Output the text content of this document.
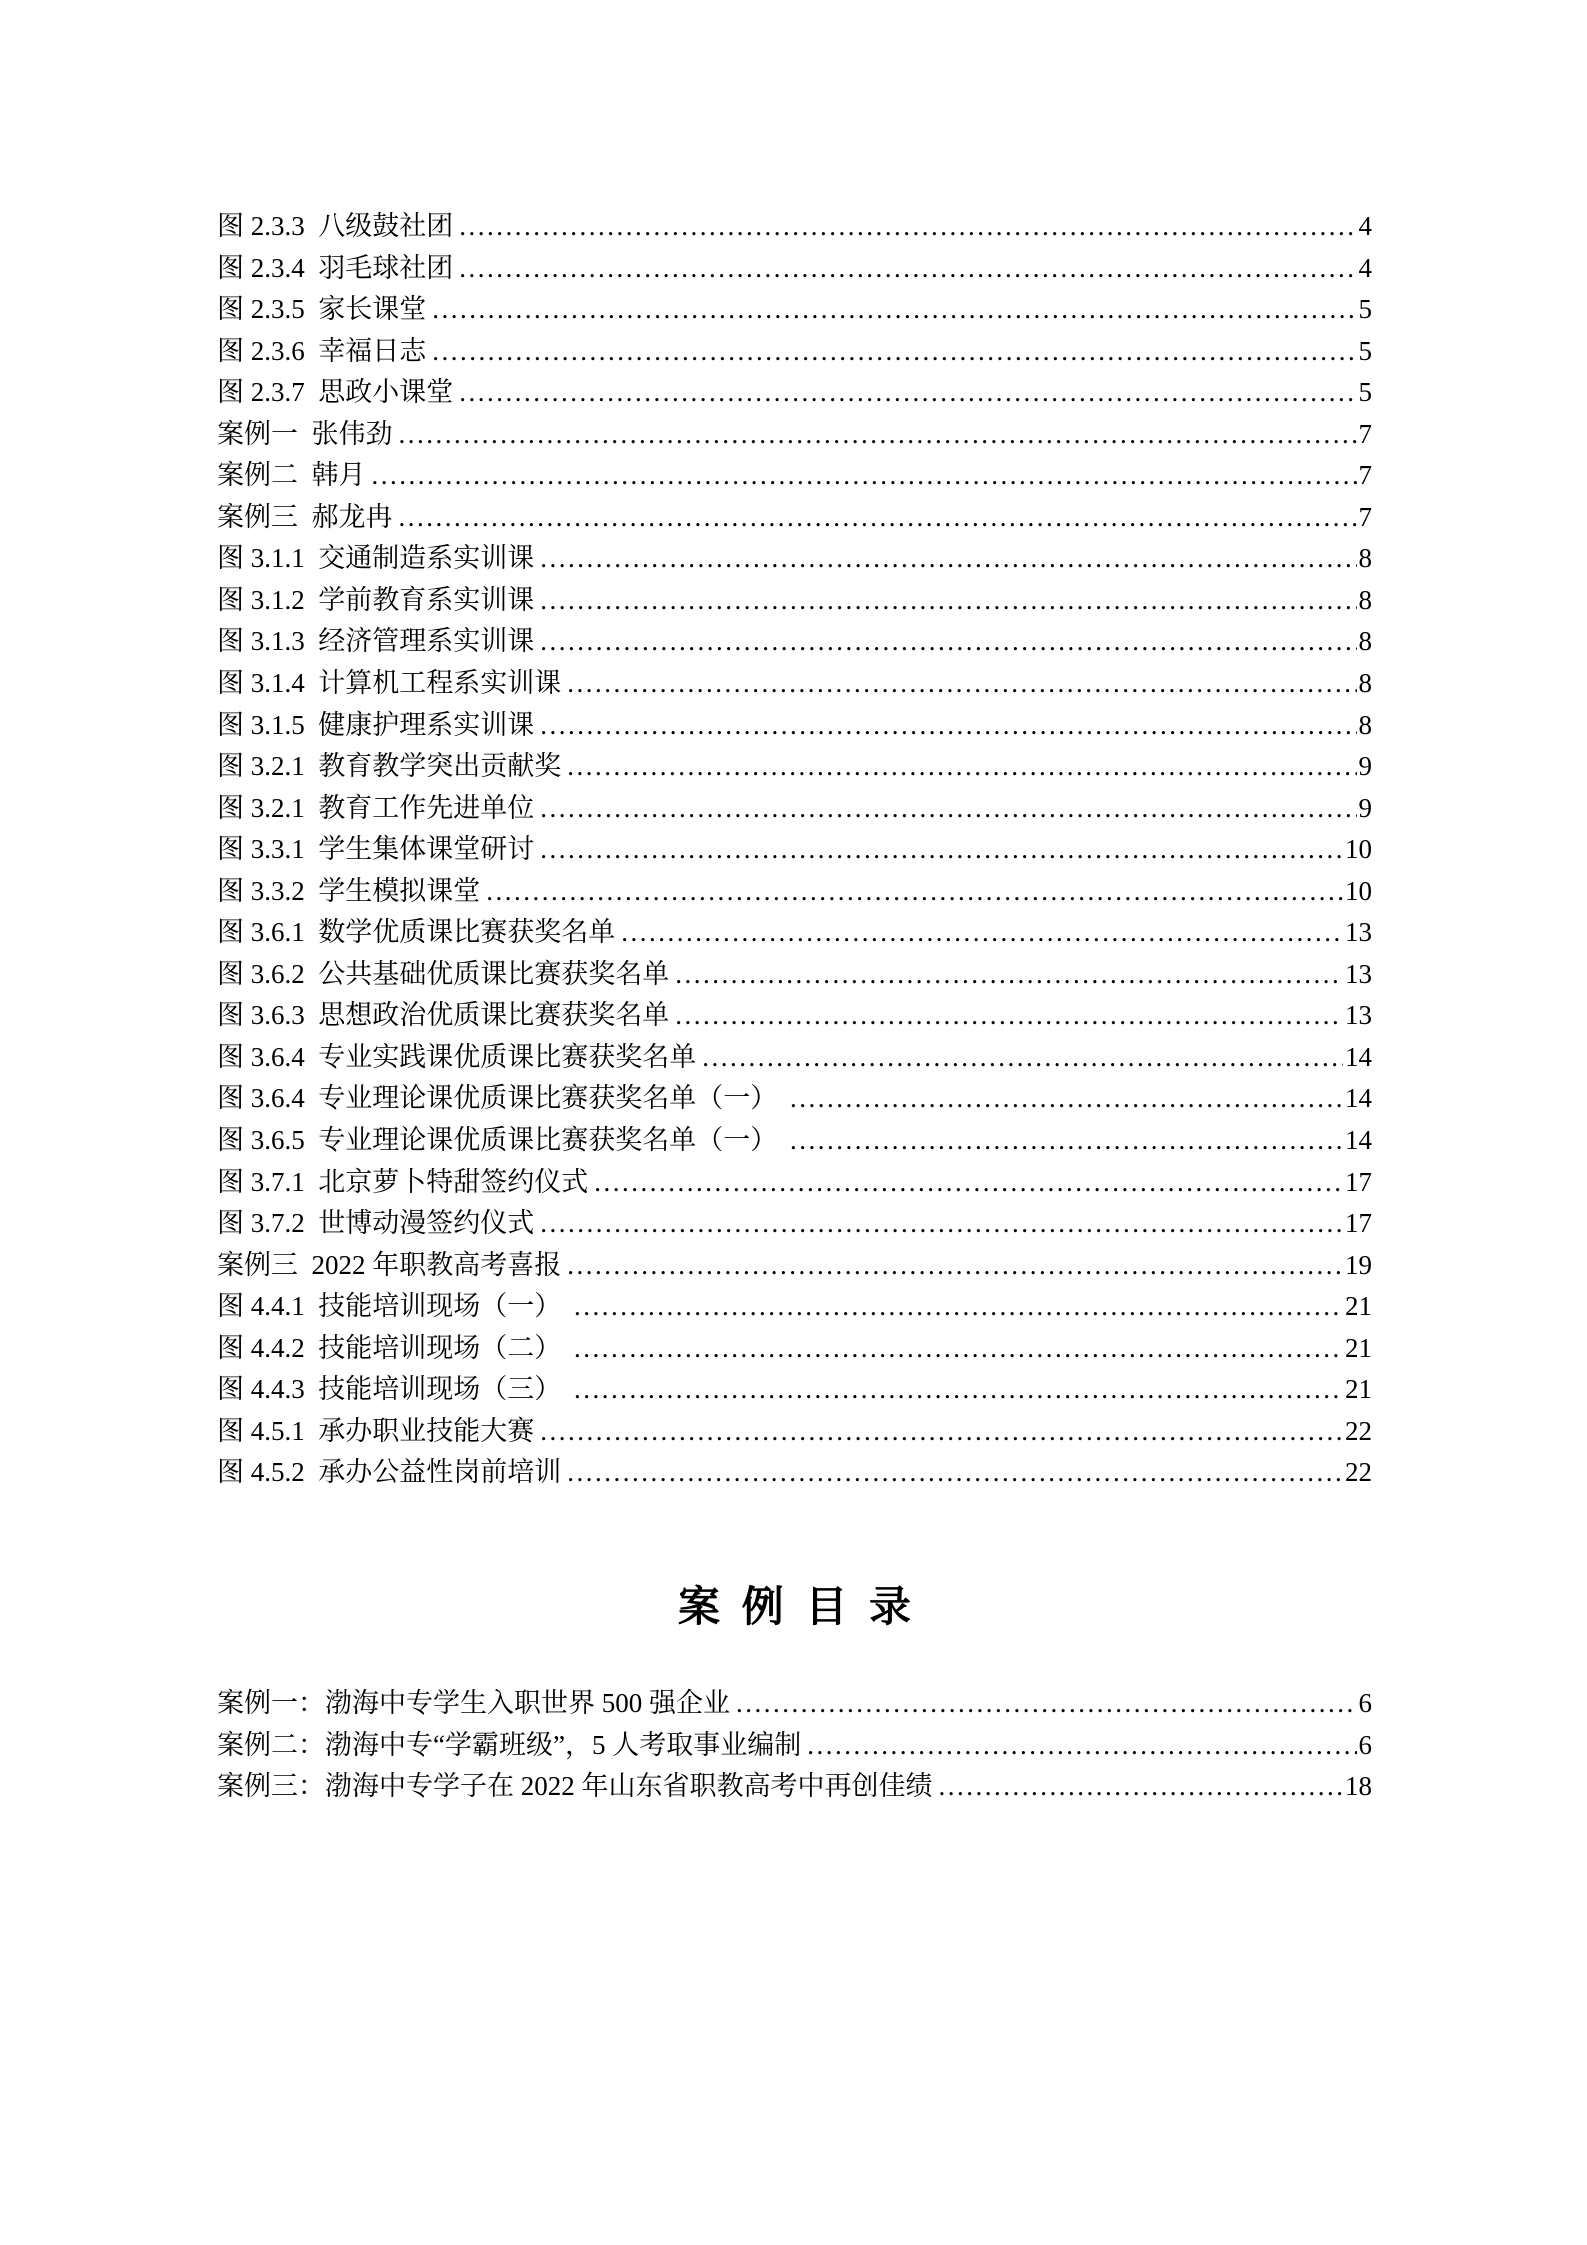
图 2.3.3  八级鼓社团 .....	4
图 2.3.4  羽毛球社团 .....	4
图 2.3.5  家长课堂 .....	5
图 2.3.6  幸福日志 .....	5
图 2.3.7  思政小课堂 .....	5
案例一  张伟劲 .....	7
案例二  韩月 .....	7
案例三  郝龙冉 .....	7
图 3.1.1  交通制造系实训课 .....	8
图 3.1.2  学前教育系实训课 .....	8
图 3.1.3  经济管理系实训课 .....	8
图 3.1.4  计算机工程系实训课 .....	8
图 3.1.5  健康护理系实训课 .....	8
图 3.2.1  教育教学突出贡献奖 .....	9
图 3.2.1  教育工作先进单位 .....	9
图 3.3.1  学生集体课堂研讨 .....	10
图 3.3.2  学生模拟课堂 .....	10
图 3.6.1  数学优质课比赛获奖名单 .....	13
图 3.6.2  公共基础优质课比赛获奖名单 .....	13
图 3.6.3  思想政治优质课比赛获奖名单 .....	13
图 3.6.4  专业实践课优质课比赛获奖名单 .....	14
图 3.6.4  专业理论课优质课比赛获奖名单（一） .....	14
图 3.6.5  专业理论课优质课比赛获奖名单（一） .....	14
图 3.7.1  北京萝卜特甜签约仪式 .....	17
图 3.7.2  世博动漫签约仪式 .....	17
案例三  2022 年职教高考喜报 .....	19
图 4.4.1  技能培训现场（一） .....	21
图 4.4.2  技能培训现场（二） .....	21
图 4.4.3  技能培训现场（三） .....	21
图 4.5.1  承办职业技能大赛 .....	22
图 4.5.2  承办公益性岗前培训 .....	22
案 例 目 录
案例一：渤海中专学生入职世界 500 强企业 .....	6
案例二：渤海中专“学霸班级”，5 人考取事业编制 .....	6
案例三：渤海中专学子在 2022 年山东省职教高考中再创佳绩 .....	18
